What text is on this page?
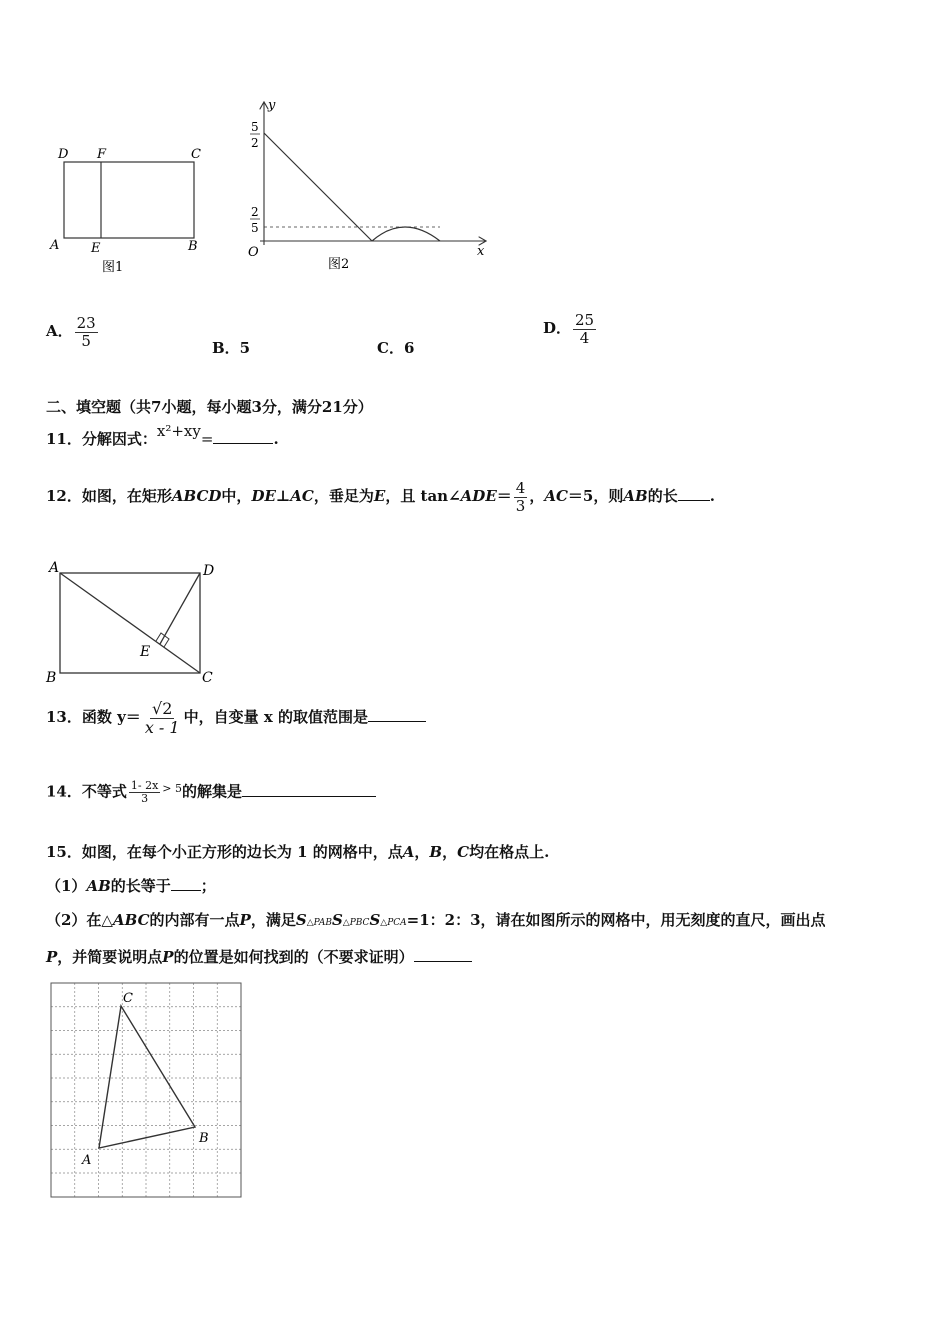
D F	C
A E	B
图1
y
x
O
5
2
2
5
图2
A． $\frac{23}{5}$	B．5	C．6
D． $\frac{25}{4}$
二、填空题（共7小题，每小题3分，满分21分）
11．分解因式：x²+xy=	.
12．如图，在矩形ABCD中，DE⊥AC，垂足为E，且 tan∠ADE＝ $\frac{4}{3}$ ，AC＝5，则AB的长 .
A	D
E
B	C
13．函数 $y= \frac{√2}{x - 1}$ 中，自变量 x 的取值范围是
14．不等式 $\frac{1- 2x}{3} ^{> 5}$的解集是
15．如图，在每个小正方形的边长为 1 的网格中，点A，B，C均在格点上.
（1）AB的长等于 ；
（2）在△ABC的内部有一点P，满足S△PABS△PBCS△PCA=1：2：3，请在如图所示的网格中，用无刻度的直尺，画出点
P，并简要说明点P的位置是如何找到的（不要求证明）
C
B
A
